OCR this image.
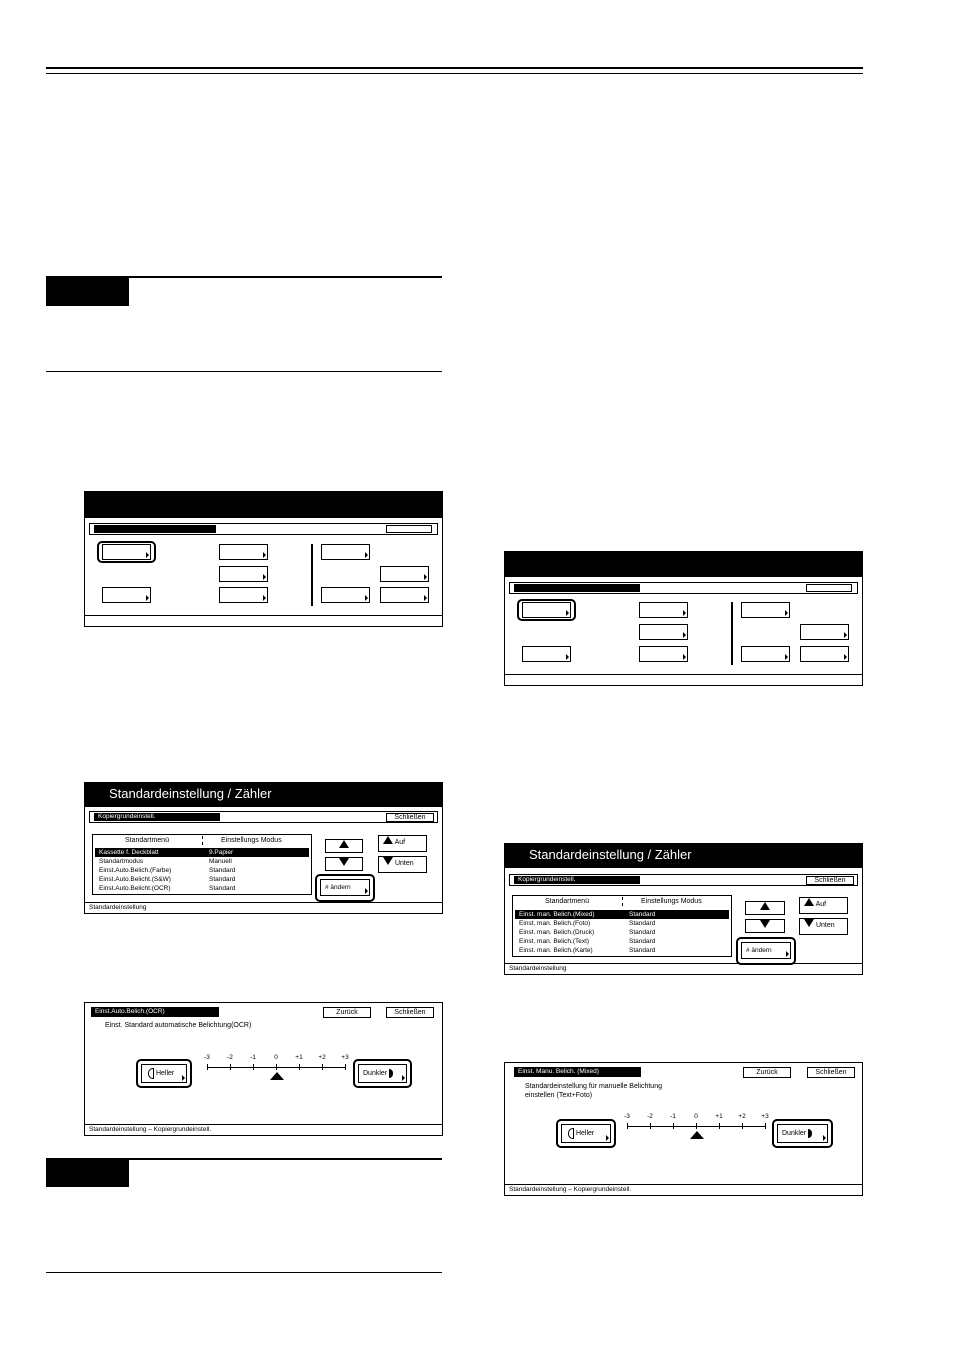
Standardeinstellung / Zähler
Kopiergrundeinstell.	Schließen
Standartmenü	Einstellungs Modus
Kassette f. Deckblatt	9.Papier
Standartmodus	Manuell
Einst.Auto.Belich.(Farbe)	Standard
Einst.Auto.Belicht.(S&W)	Standard
Einst.Auto.Belicht.(OCR)	Standard
Auf
Unten
# ändern
Standardeinstellung
Standardeinstellung / Zähler
Kopiergrundeinstell.	Schließen
Standartmenü	Einstellungs Modus
Einst. man. Belich.(Mixed)	Standard
Einst. man. Belich.(Foto)	Standard
Einst. man. Belich.(Druck)	Standard
Einst. man. Belich.(Text)	Standard
Einst. man. Belich.(Karte)	Standard
Auf
Unten
# ändern
Standardeinstellung
Einst.Auto.Belich.(OCR)	Zurück	Schließen
Einst. Standard automatische Belichtung(OCR)
Heller	Dunkler
-3	-2	-1	0	+1	+2	+3
Standardeinstellung – Kopiergrundeinstell.
Einst. Manu. Belich. (Mixed)	Zurück	Schließen
Standardeinstellung für manuelle Belichtung
einstellen (Text+Foto)
Heller	Dunkler
-3	-2	-1	0	+1	+2	+3
Standardeinstellung – Kopiergrundeinstell.
